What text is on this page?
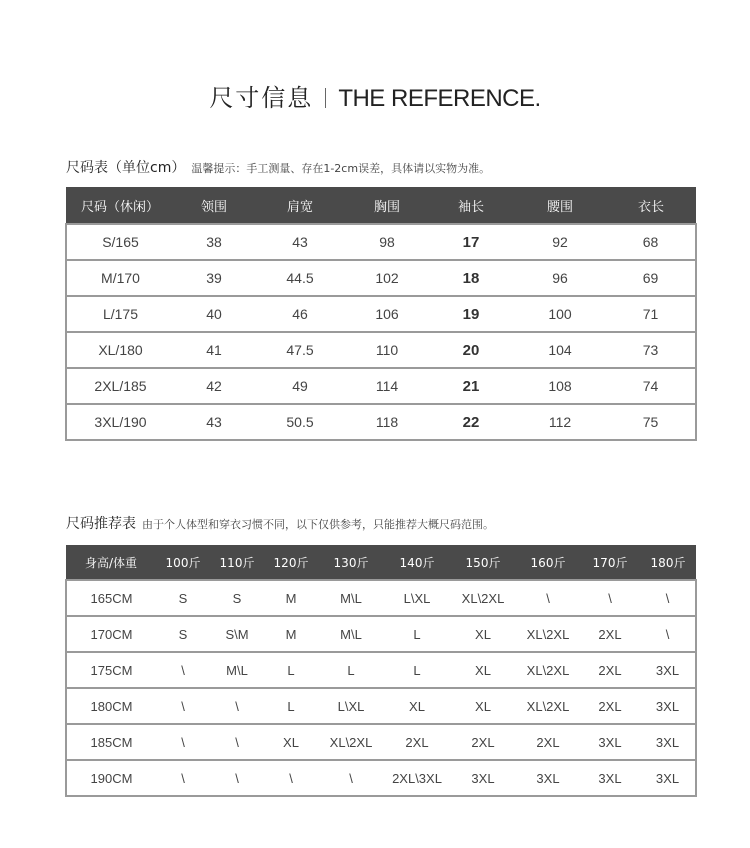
尺寸信息 THE REFERENCE.
尺码表（单位cm） 温馨提示：手工测量、存在1-2cm误差，具体请以实物为准。
尺码（休闲）	领围	肩宽	胸围	袖长	腰围	衣长
S/165	38	43	98	17	92	68
M/170	39	44.5	102	18	96	69
L/175	40	46	106	19	100	71
XL/180	41	47.5	110	20	104	73
2XL/185	42	49	114	21	108	74
3XL/190	43	50.5	118	22	112	75
尺码推荐表 由于个人体型和穿衣习惯不同，以下仅供参考，只能推荐大概尺码范围。
身高/体重	100斤	110斤	120斤	130斤	140斤	150斤	160斤	170斤	180斤
165CM	S	S	M	M\L	L\XL	XL\2XL	\	\	\
170CM	S	S\M	M	M\L	L	XL	XL\2XL	2XL	\
175CM	\	M\L	L	L	L	XL	XL\2XL	2XL	3XL
180CM	\	\	L	L\XL	XL	XL	XL\2XL	2XL	3XL
185CM	\	\	XL	XL\2XL	2XL	2XL	2XL	3XL	3XL
190CM	\	\	\	\	2XL\3XL	3XL	3XL	3XL	3XL
